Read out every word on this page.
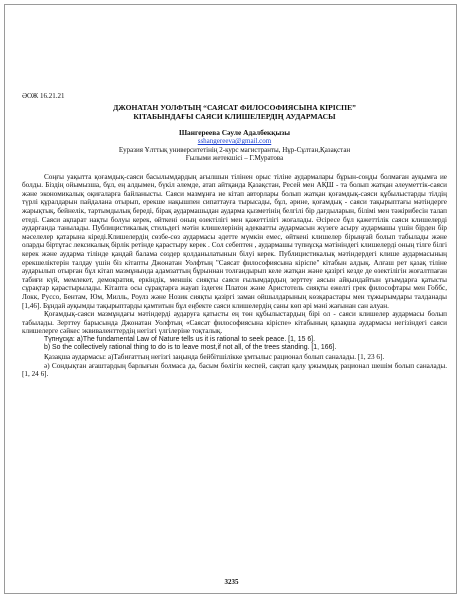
ӘОЖ 16.21.21
ДЖОНАТАН УОЛФТЫҢ “САЯСАТ ФИЛОСОФИЯСЫНА КІРІСПЕ”
КІТАБЫНДАҒЫ САЯСИ КЛИШЕЛЕРДІҢ АУДАРМАСЫ
Шангереева Сәуле Адалбекқызы
sshangereeva@gmail.com
Еуразия Ұлттық университетінің 2-курс магистранты, Нұр-Сұлтан,Қазақстан
Ғылыми жетекшісі – Г.Муратова

Соңғы уақытта қоғамдық-саяси басылымдардың ағылшын тілінен орыс тіліне аудармалары бұрын-соңды болмаған ауқымға ие болды. Біздің ойымызша, бұл, ең алдымен, бүкіл әлемде, атап айтқанда Қазақстан, Ресей мен АҚШ - та болып жатқан әлеуметтік-саяси және экономикалық оқиғаларға байланысты. Саяси мазмұнға ие кітап авторлары болып жатқан қоғамдық-саяси құбылыстарды тілдің түрлі құралдарын пайдалана отырып, ерекше нақышпен сипаттауға тырысады, бұл, әрине, қоғамдық - саяси тақырыптағы мәтіндерге жарықтық, бейнелік, тартымдылық береді, бірақ аудармашыдан аударма қызметінің белгілі бір дағдыларын, білімі мен тәжірибесін талап етеді. Саяси ақпарат нақты болуы керек, өйткені оның өзектілігі мен қажеттілігі жоғалады. Әсіресе бұл қажеттілік саяси клишелерді аударғанда танылады. Публицистикалық стильдегі мәтін клишелерінің адекватты аудармасын жүзеге асыру аудармашы үшін бірден бір мәселелер қатарына кіреді.Клишелердің сөзбе-сөз аудармасы әдетте мүмкін емес, өйткені клишелер бірыңғай болып табылады және оларды біртұтас лексикалық бірлік ретінде қарастыру керек . Сол себептен , аудармашы түпнұсқа мәтініндегі клишелерді оның тілге білгі керек және аударма тілінде қандай балама сөздер қолданылатынын білуі керек. Публицистикалық мәтіндердегі клише аудармасының ерекшеліктерін талдау үшін біз кітапты Джонатан Уолфтың "Саясат философиясына кіріспе" кітабын алдық. Алғаш рет қазақ тіліне аударылып отырған бұл кітап мазмұнында адамзаттың бұрыннан толғандырып келе жатқан және қазіргі кезде де өзектілігін жоғалтпаған табиғи күй, мемлекет, демократия, еркіндік, меншік сияқты саяси ғылымдардың зерттеу аясын айқындайтын ұғымдарға қатысты сұрақтар қарастырылады. Кітапта осы сұрақтарға жауап іздеген Платон және Аристотель сияқты ежелгі грек философтары мен Гоббс, Локк, Руссо, Бентам, Юм, Милль, Роулз және Нозик сияқты қазіргі заман ойшылдарының көзқарастары мен тұжырымдары талданады [1,46]. Бұндай ауқымды тақырыптарды қамтитын бұл еңбекте саяси клишелердің саны көп әрі мәні жағынан сан алуан.

Қоғамдық-саяси мазмұндағы мәтіндерді аударуға қатысты ең төн құбылыстардың бірі ол - саяси клишелер аудармасы болып табылады. Зерттеу барысында Джонатан Уолфтың «Саясат философиясына кіріспе» кітабының қазақша аудармасы негізіндегі саяси клишелерге сәйкес эквиваленттердің негізгі үлгілеріне тоқталық.

Түпнұсқа: a)The fundamental Law of Nature tells us it is rational to seek peace. [1, 15 6].

b) So the collectively rational thing to do is to leave most,if not all, of the trees standing. [1, 166].

Қазақша аудармасы: а)Табиғаттың негізгі заңында бейбітшілікке ұмтылыс рационал болып саналады. [1, 23 6].

ә) Сондықтан ағаштардың барлығын болмаса да, басым бөлігін кеспей, сақтап қалу ұжымдық рационал шешім болып саналады. [1, 24 6].

3235
